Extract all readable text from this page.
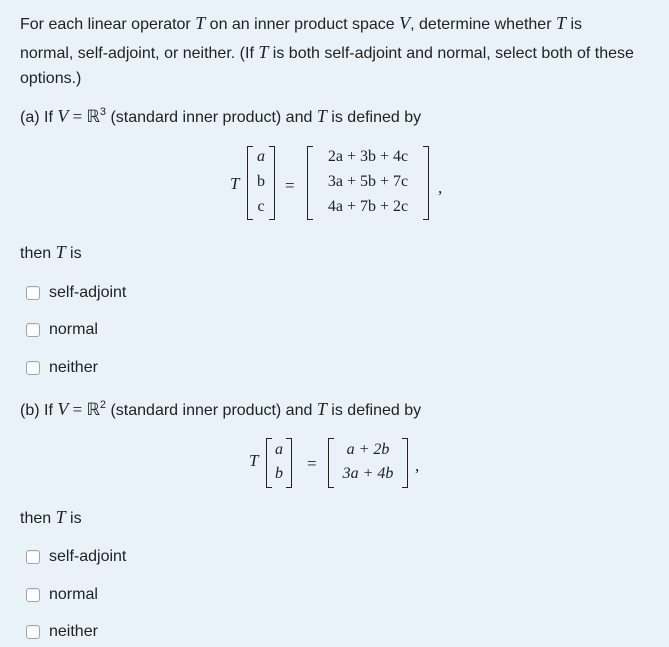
For each linear operator T on an inner product space V, determine whether T is
normal, self-adjoint, or neither. (If T is both self-adjoint and normal, select both of these
options.)
(a) If V = ℝ$^3$ (standard inner product) and T is defined by
T
a
b
c
=
2a + 3b + 4c
3a + 5b + 7c
4a + 7b + 2c
,
then T is
self-adjoint
normal
neither
(b) If V = ℝ$^2$ (standard inner product) and T is defined by
T
a
b
=
a + 2b
3a + 4b	,
then T is
self-adjoint
normal
neither
